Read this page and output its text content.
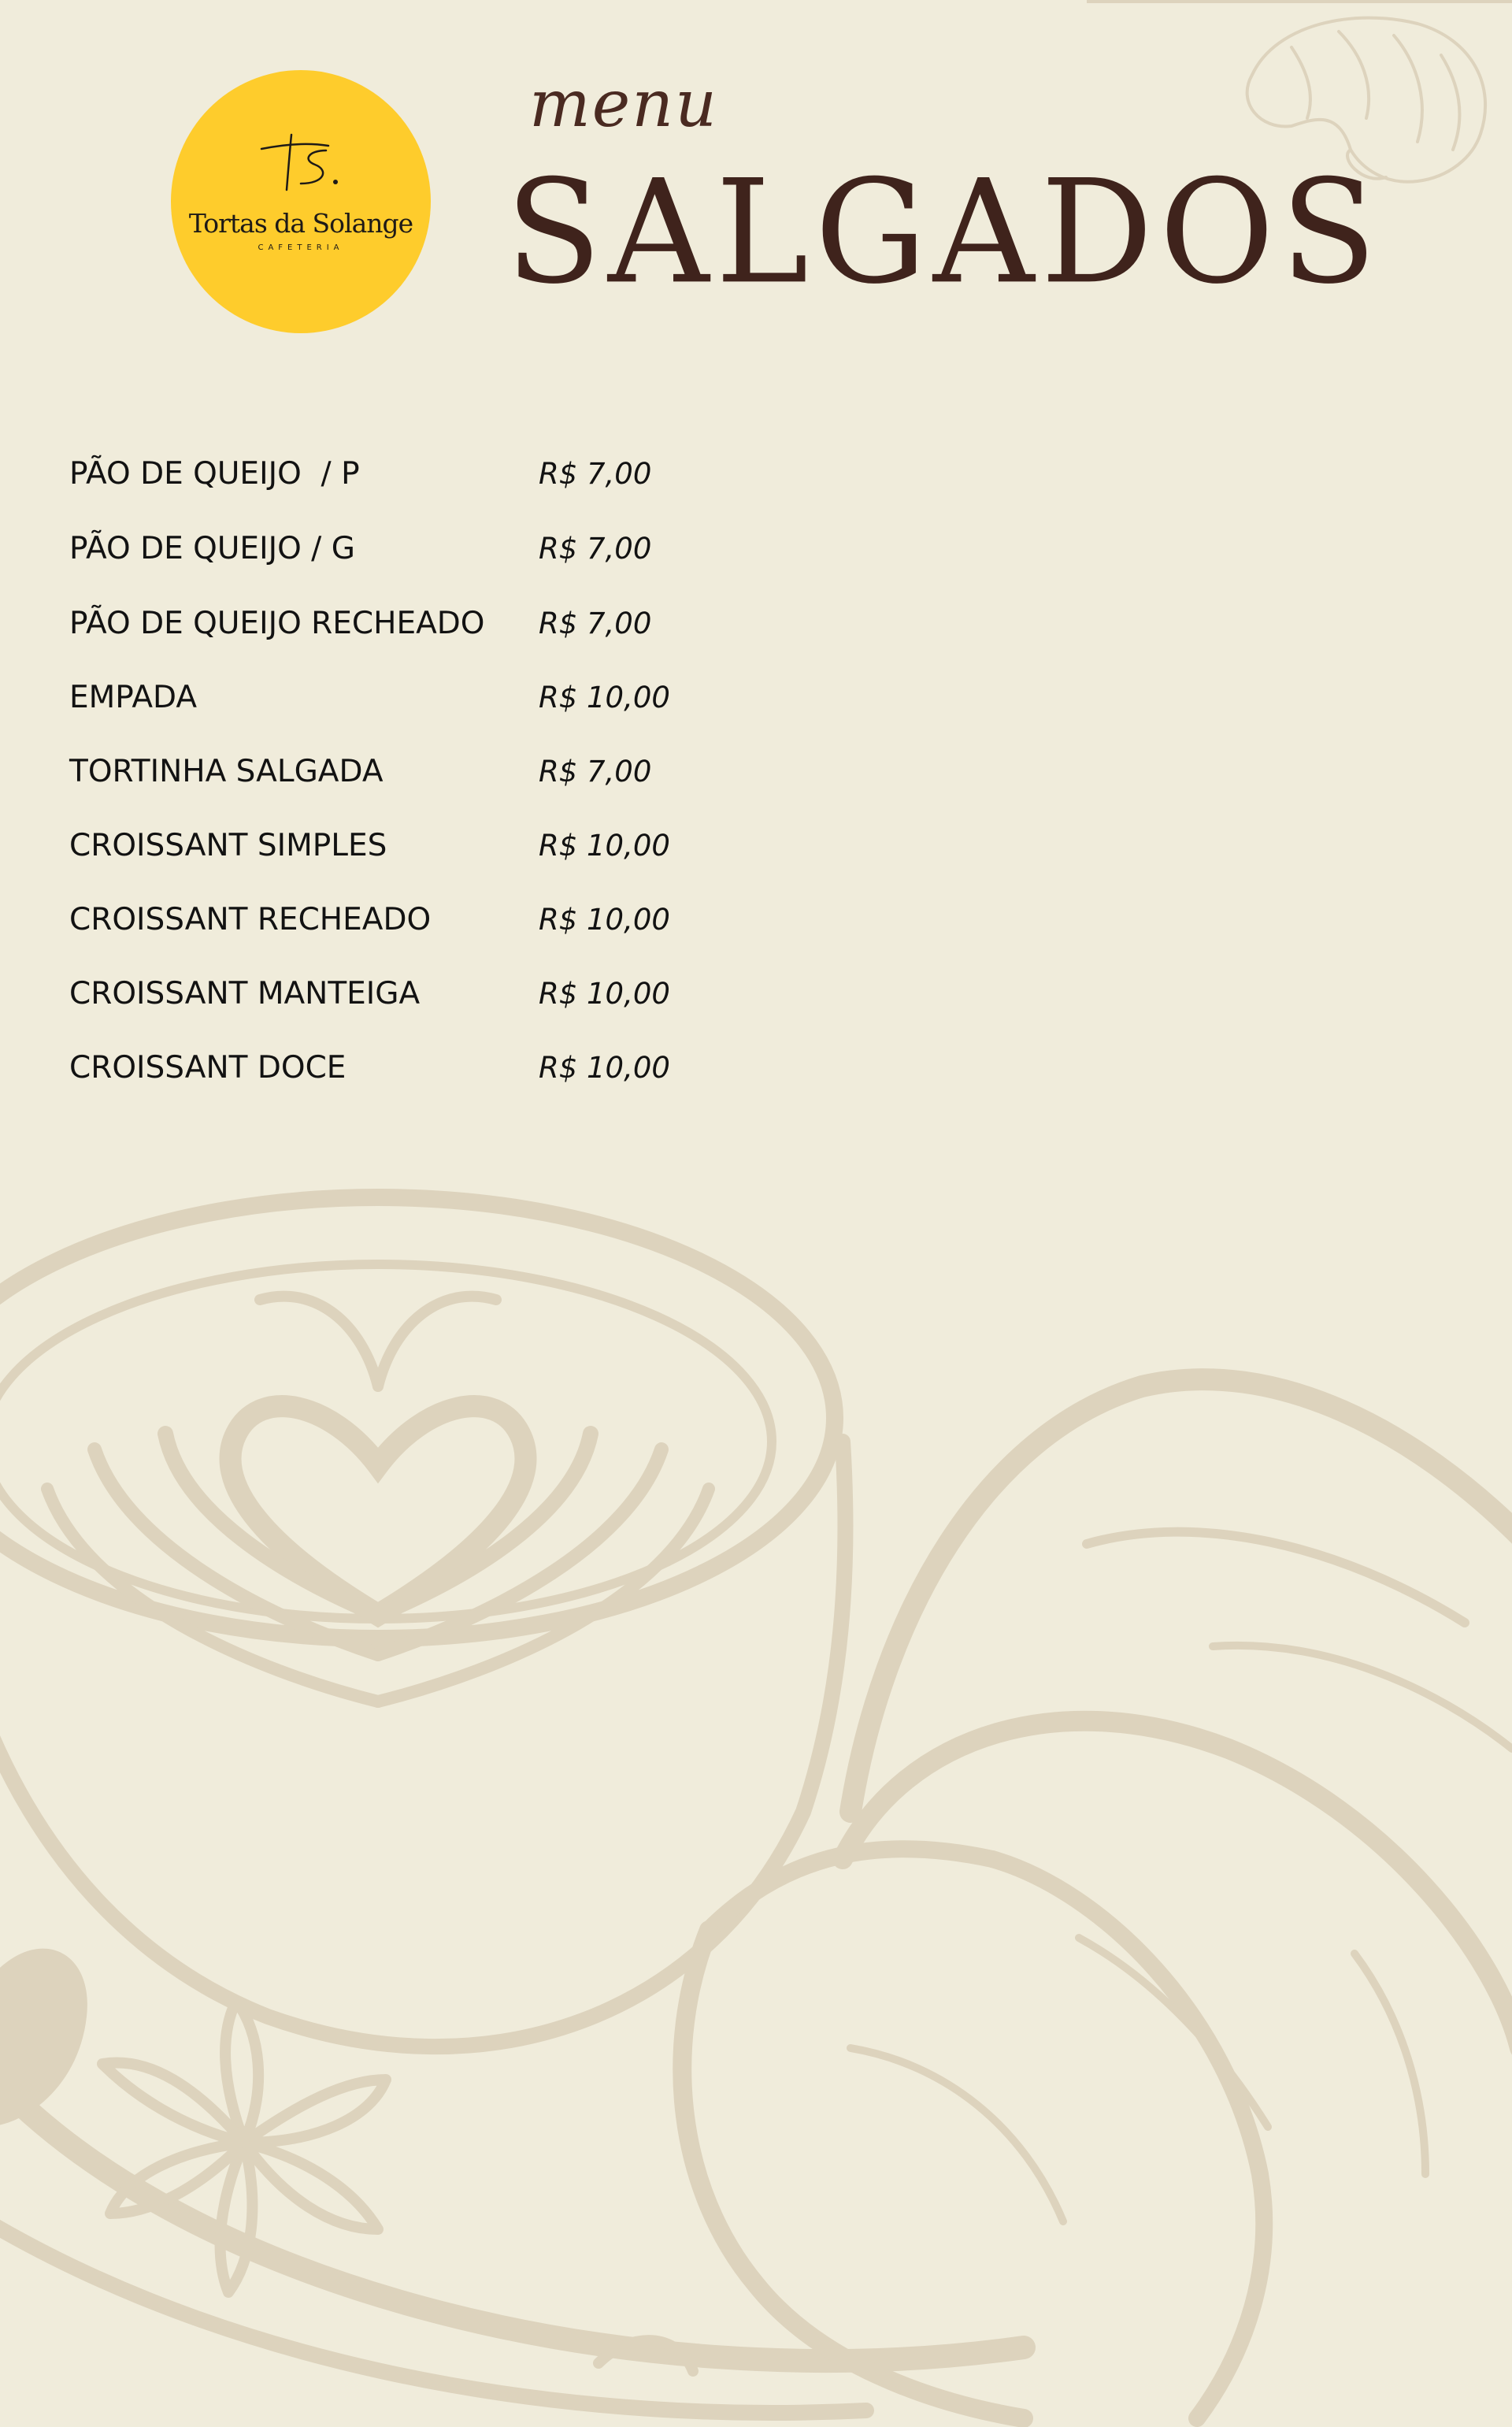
Tortas da Solange
CAFETERIA
menu
SALGADOS
PÃO DE QUEIJO  / P	R$ 7,00
PÃO DE QUEIJO / G	R$ 7,00
PÃO DE QUEIJO RECHEADO R$ 7,00
EMPADA	R$ 10,00
TORTINHA SALGADA	R$ 7,00
CROISSANT SIMPLES	R$ 10,00
CROISSANT RECHEADO	R$ 10,00
CROISSANT MANTEIGA	R$ 10,00
CROISSANT DOCE	R$ 10,00
